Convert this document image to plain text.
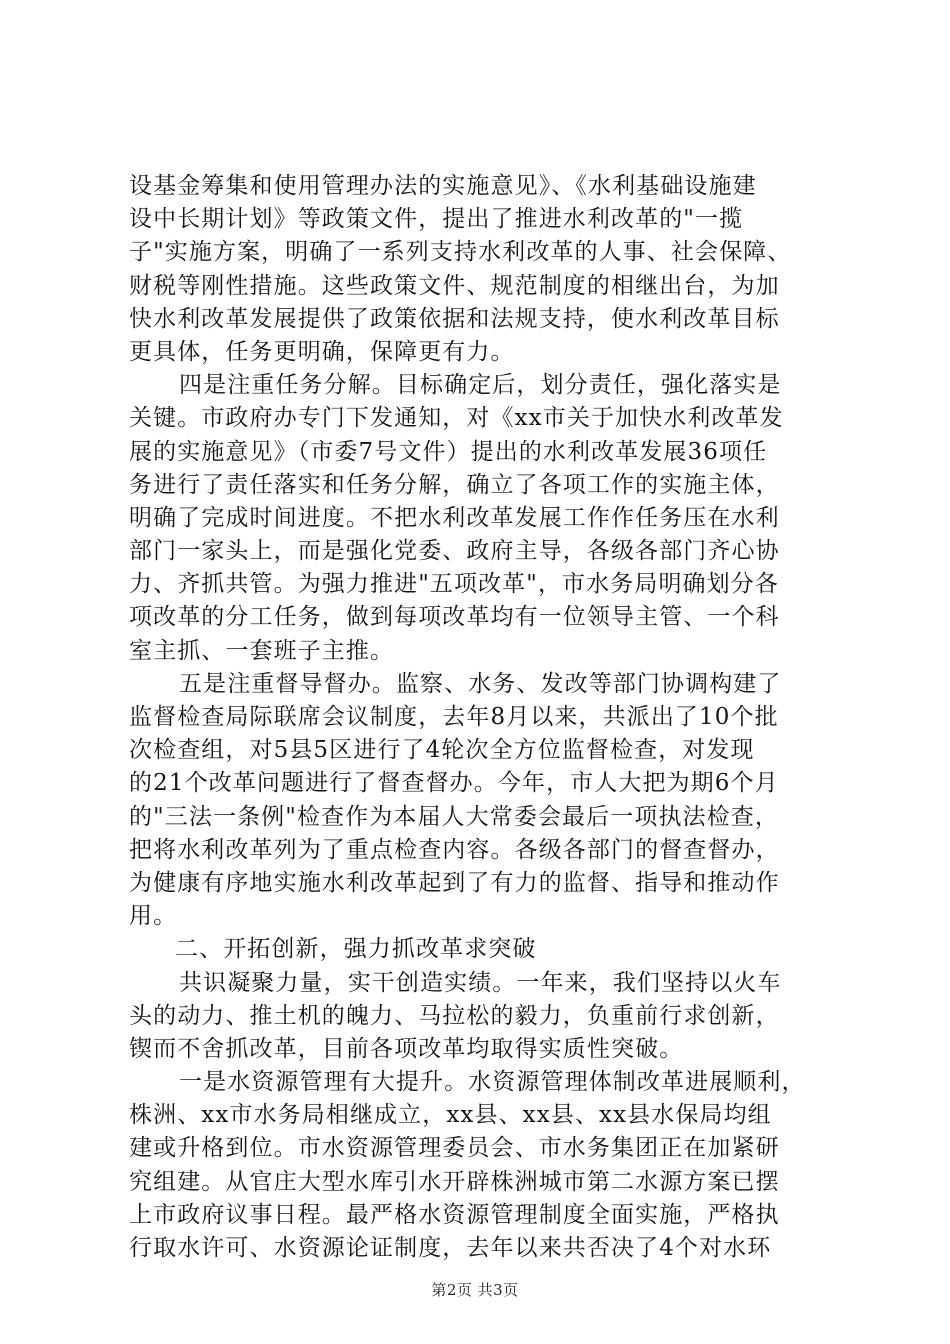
设基金筹集和使用管理办法的实施意见》、《水利基础设施建
设中长期计划》等政策文件，提出了推进水利改革的"一揽
子"实施方案，明确了一系列支持水利改革的人事、社会保障、
财税等刚性措施。这些政策文件、规范制度的相继出台，为加
快水利改革发展提供了政策依据和法规支持，使水利改革目标
更具体，任务更明确，保障更有力。
四是注重任务分解。目标确定后，划分责任，强化落实是
关键。市政府办专门下发通知，对《xx市关于加快水利改革发
展的实施意见》（市委7号文件）提出的水利改革发展36项任
务进行了责任落实和任务分解，确立了各项工作的实施主体，
明确了完成时间进度。不把水利改革发展工作作任务压在水利
部门一家头上，而是强化党委、政府主导，各级各部门齐心协
力、齐抓共管。为强力推进"五项改革"，市水务局明确划分各
项改革的分工任务，做到每项改革均有一位领导主管、一个科
室主抓、一套班子主推。
五是注重督导督办。监察、水务、发改等部门协调构建了
监督检查局际联席会议制度，去年8月以来，共派出了10个批
次检查组，对5县5区进行了4轮次全方位监督检查，对发现
的21个改革问题进行了督查督办。今年，市人大把为期6个月
的"三法一条例"检查作为本届人大常委会最后一项执法检查，
把将水利改革列为了重点检查内容。各级各部门的督查督办，
为健康有序地实施水利改革起到了有力的监督、指导和推动作
用。
二、开拓创新，强力抓改革求突破
共识凝聚力量，实干创造实绩。一年来，我们坚持以火车
头的动力、推土机的魄力、马拉松的毅力，负重前行求创新，
锲而不舍抓改革，目前各项改革均取得实质性突破。
一是水资源管理有大提升。水资源管理体制改革进展顺利，
株洲、xx市水务局相继成立，xx县、xx县、xx县水保局均组
建或升格到位。市水资源管理委员会、市水务集团正在加紧研
究组建。从官庄大型水库引水开辟株洲城市第二水源方案已摆
上市政府议事日程。最严格水资源管理制度全面实施，严格执
行取水许可、水资源论证制度，去年以来共否决了4个对水环
第2页 共3页
